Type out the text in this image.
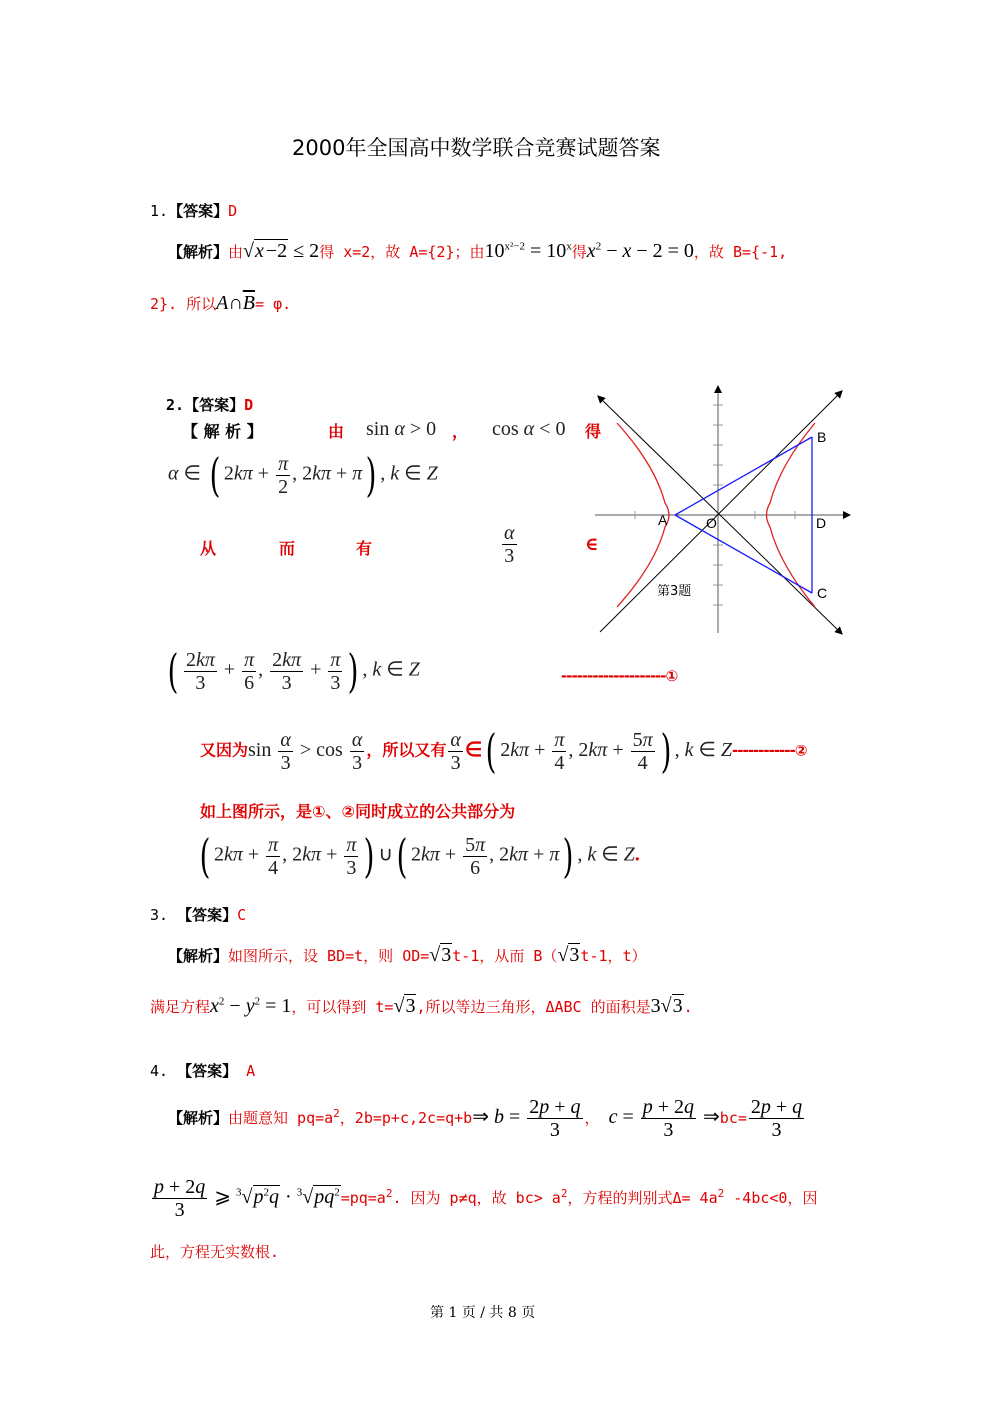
2000年全国高中数学联合竞赛试题答案
1.【答案】D
【解析】由√x −2 ≤ 2得 x=2，故 A={2}；由$10^{x^2-2} = 10^x$得$x^2 - x - 2 = 0$，故 B={-1,
2}. 所以$A\cap\overline{B}= \varphi$.
2.【答案】D
【 解 析 】	由 sin α > 0 ， cos α < 0 得
α ∈ ( $2k\pi + \frac{\pi}{2}$ , 2kπ + π) , k ∈ Z
从	而	有	$\frac{\alpha}{3}$	∈
( $\frac{2k\pi}{3} + \frac{\pi}{6}$ , $\frac{2k\pi}{3} + \frac{\pi}{3}$ ) , k ∈ Z	--------------------①
又因为$\sin \frac{\alpha}{3} > \cos \frac{\alpha}{3}$ ，所以又有 $\frac{\alpha}{3}$ ∈( $2k\pi + \frac{\pi}{4}$ , $2k\pi + \frac{5\pi}{4}$ ) , k ∈ Z------------②
如上图所示，是①、②同时成立的公共部分为
( $2k\pi + \frac{\pi}{4}$ , $2k\pi + \frac{\pi}{3}$ ) ∪( $2k\pi + \frac{5\pi}{6}$ , 2kπ + π) , k ∈ Z.
A	O
B
D
C
第3题
3. 【答案】C
【解析】如图所示，设 BD=t，则 OD=√3t-1，从而 B（√3t-1，t）
满足方程$x^2 - y^2 = 1$，可以得到 t=√3,所以等边三角形，ΔABC 的面积是3√3.
4. 【答案】 A
【解析】由题意知 $pq=a^2$，2b=p+c,2c=q+b⇒ $b = \frac{2p + q}{3}$ ， $c = \frac{p + 2q}{3}$ ⇒bc= $\frac{2p + q}{3}$
$\frac{p + 2q}{3}$ ⩾ $^3√p^2q \cdot ^3√pq^2=pq=a^2$. 因为 p≠q，故 $bc> a^2$，方程的判别式$\Delta= 4a^2$ -4bc<0，因
此，方程无实数根.
第 1 页 / 共 8 页
